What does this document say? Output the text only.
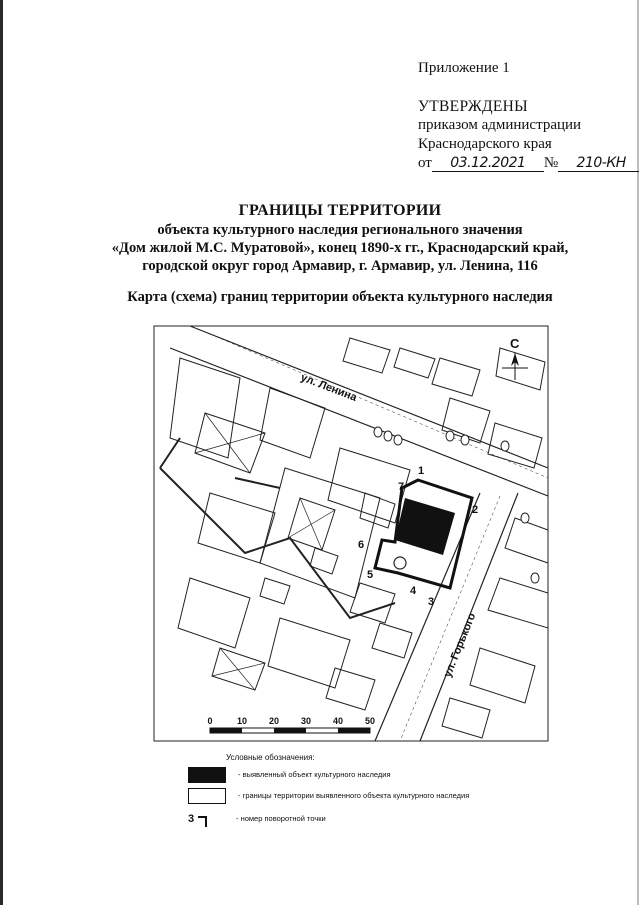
Приложение 1
УТВЕРЖДЕНЫ
приказом администрации
Краснодарского края
от 03.12.2021 № 210-КН
ГРАНИЦЫ ТЕРРИТОРИИ
объекта культурного наследия регионального значения
«Дом жилой М.С. Муратовой», конец 1890-х гг., Краснодарский край,
городской округ город Армавир, г. Армавир, ул. Ленина, 116
Карта (схема) границ территории объекта культурного наследия
1
2
3
4
5
6
7
ул. Ленина
ул. Горького
С
0	10 20 30 40 50
Условные обозначения:
- выявленный объект культурного наследия
- границы территории выявленного объекта культурного наследия
3	- номер поворотной точки
